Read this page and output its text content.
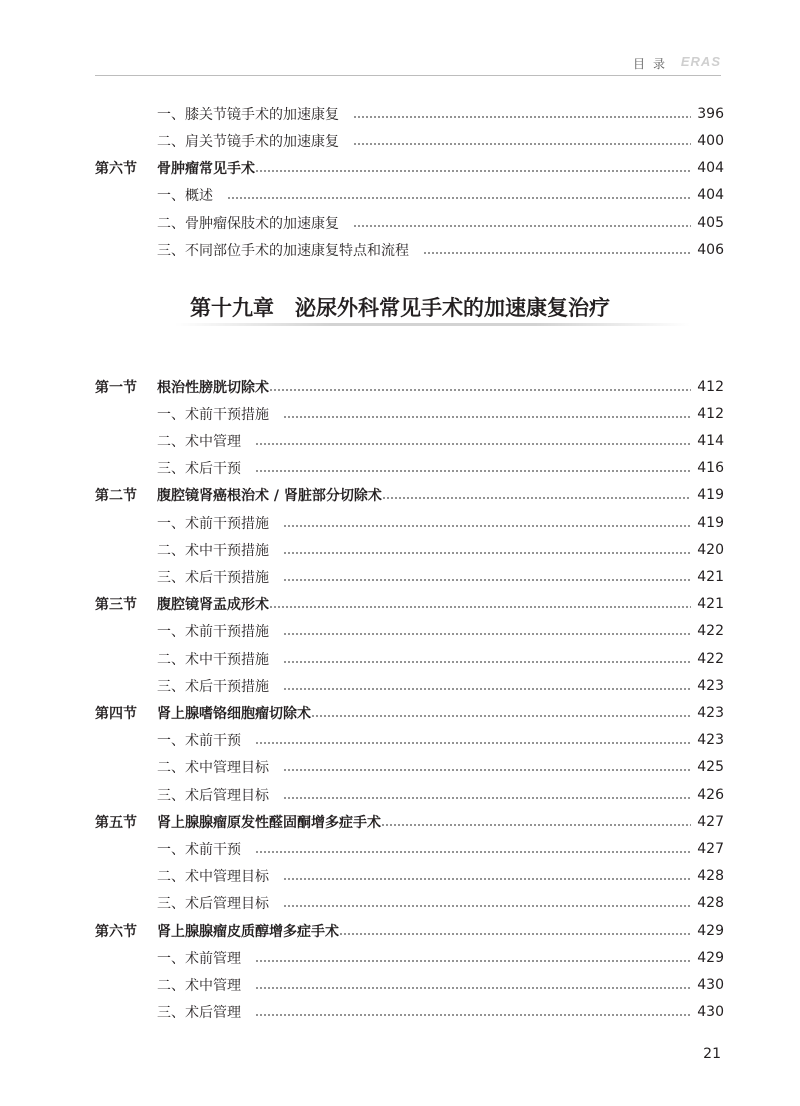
目录 ERAS
一、膝关节镜手术的加速康复	396
二、肩关节镜手术的加速康复	400
第六节	骨肿瘤常见手术	404
一、概述	404
二、骨肿瘤保肢术的加速康复	405
三、不同部位手术的加速康复特点和流程	406
第十九章　泌尿外科常见手术的加速康复治疗
第一节	根治性膀胱切除术	412
一、术前干预措施	412
二、术中管理	414
三、术后干预	416
第二节	腹腔镜肾癌根治术 / 肾脏部分切除术	419
一、术前干预措施	419
二、术中干预措施	420
三、术后干预措施	421
第三节	腹腔镜肾盂成形术	421
一、术前干预措施	422
二、术中干预措施	422
三、术后干预措施	423
第四节	肾上腺嗜铬细胞瘤切除术	423
一、术前干预	423
二、术中管理目标	425
三、术后管理目标	426
第五节	肾上腺腺瘤原发性醛固酮增多症手术	427
一、术前干预	427
二、术中管理目标	428
三、术后管理目标	428
第六节	肾上腺腺瘤皮质醇增多症手术	429
一、术前管理	429
二、术中管理	430
三、术后管理	430
21
